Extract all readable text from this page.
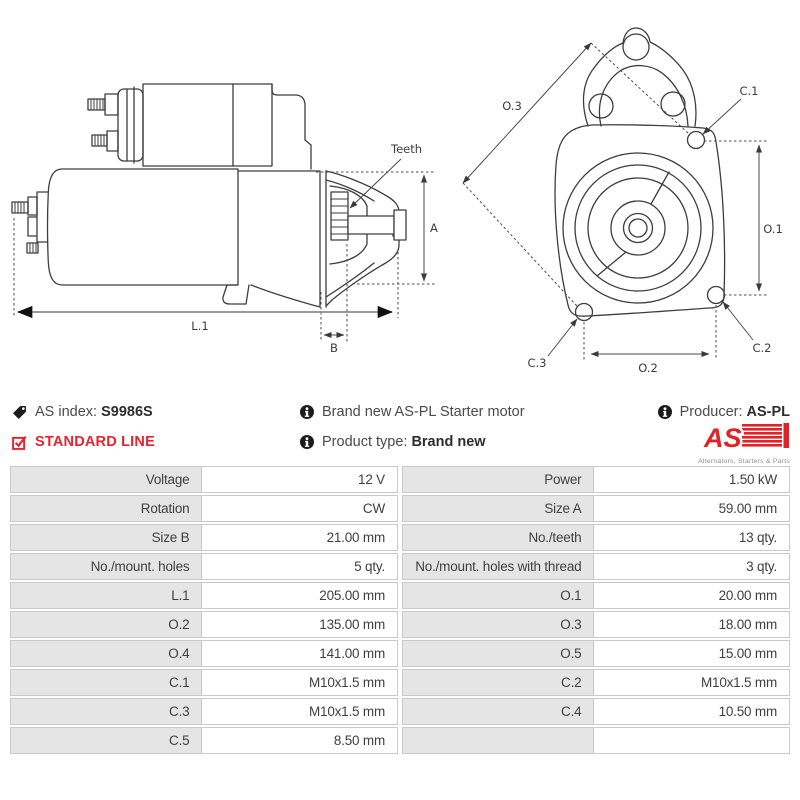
Teeth
A
L.1
B
O.3
C.1
O.1
C.2
C.3	O.2
AS index: S9986S
STANDARD LINE
Brand new AS-PL Starter motor
Product type: Brand new
Producer: AS-PL
AS
Alternators, Starters & Parts
Voltage	12 V	Power	1.50 kW
Rotation	CW	Size A	59.00 mm
Size B	21.00 mm	No./teeth	13 qty.
No./mount. holes	5 qty.	No./mount. holes with thread	3 qty.
L.1	205.00 mm	O.1	20.00 mm
O.2	135.00 mm	O.3	18.00 mm
O.4	141.00 mm	O.5	15.00 mm
C.1	M10x1.5 mm	C.2	M10x1.5 mm
C.3	M10x1.5 mm	C.4	10.50 mm
C.5	8.50 mm
